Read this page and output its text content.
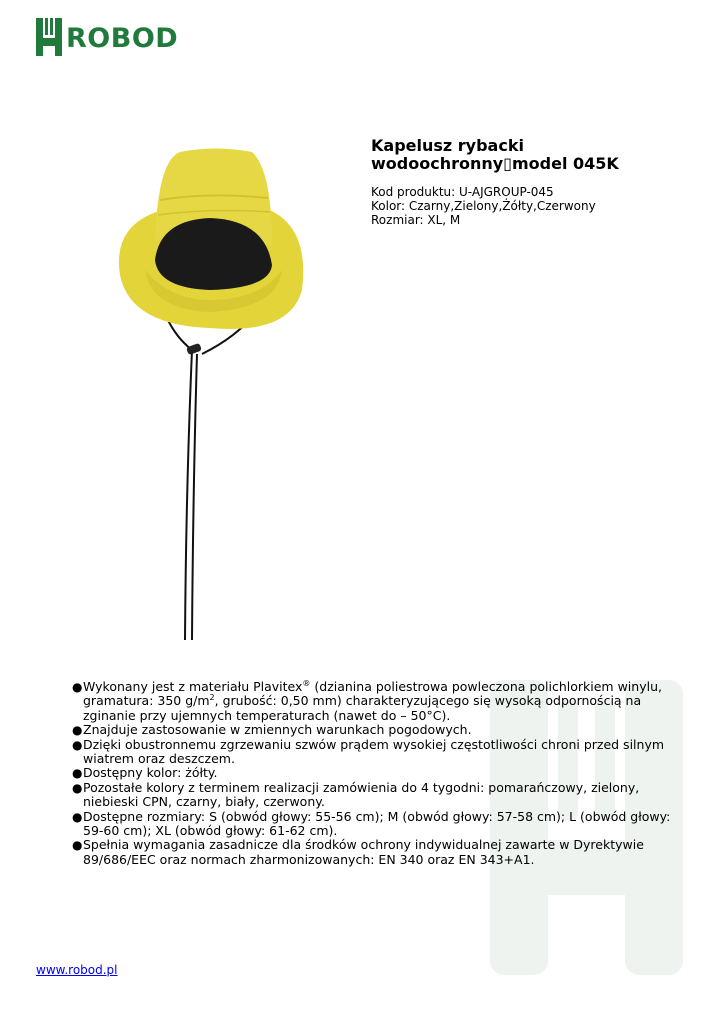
ROBOD
Kapelusz rybacki
wodoochronny▯model 045K
Kod produktu: U-AJGROUP-045
Kolor: Czarny,Zielony,Żółty,Czerwony
Rozmiar: XL, M
● Wykonany jest z materiału Plavitex® (dzianina poliestrowa powleczona polichlorkiem winylu, gramatura: 350 $g/m^2$, grubość: 0,50 mm) charakteryzującego się wysoką odpornością na zginanie przy ujemnych temperaturach (nawet do – 50°C).
● Znajduje zastosowanie w zmiennych warunkach pogodowych.
● Dzięki obustronnemu zgrzewaniu szwów prądem wysokiej częstotliwości chroni przed silnym wiatrem oraz deszczem.
● Dostępny kolor: żółty.
● Pozostałe kolory z terminem realizacji zamówienia do 4 tygodni: pomarańczowy, zielony, niebieski CPN, czarny, biały, czerwony.
● Dostępne rozmiary: S (obwód głowy: 55-56 cm); M (obwód głowy: 57-58 cm); L (obwód głowy: 59-60 cm); XL (obwód głowy: 61-62 cm).
● Spełnia wymagania zasadnicze dla środków ochrony indywidualnej zawarte w Dyrektywie 89/686/EEC oraz normach zharmonizowanych: EN 340 oraz EN 343+A1.
www.robod.pl
